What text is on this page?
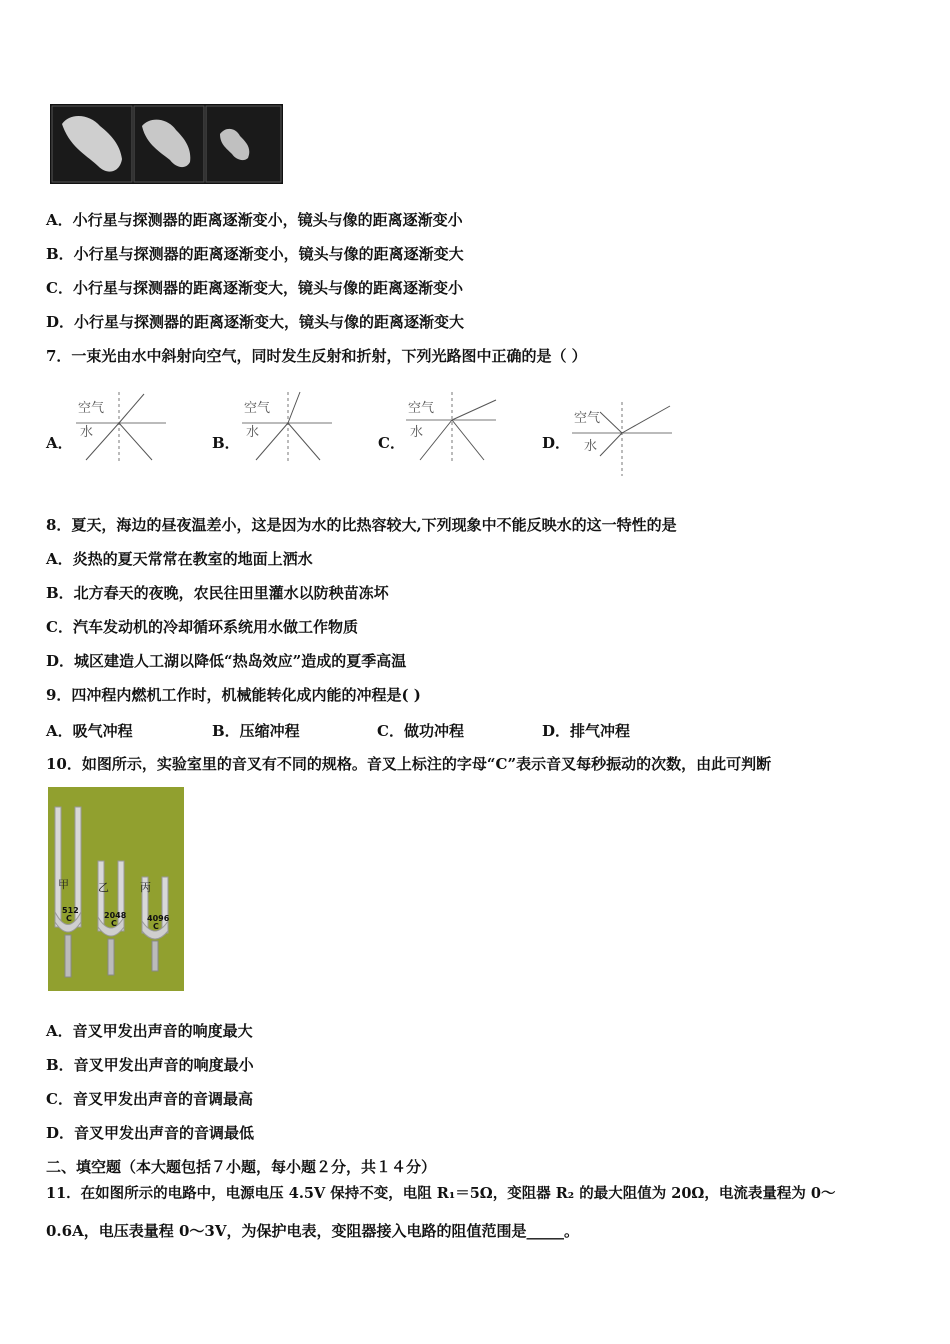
A．小行星与探测器的距离逐渐变小，镜头与像的距离逐渐变小
B．小行星与探测器的距离逐渐变小，镜头与像的距离逐渐变大
C．小行星与探测器的距离逐渐变大，镜头与像的距离逐渐变小
D．小行星与探测器的距离逐渐变大，镜头与像的距离逐渐变大
7．一束光由水中斜射向空气，同时发生反射和折射，下列光路图中正确的是（ ）
A．
空气
水
B．
空气
水
C．
空气
水
D．
空气
水
8．夏天，海边的昼夜温差小，这是因为水的比热容较大,下列现象中不能反映水的这一特性的是
A．炎热的夏天常常在教室的地面上洒水
B．北方春天的夜晚，农民往田里灌水以防秧苗冻坏
C．汽车发动机的冷却循环系统用水做工作物质
D．城区建造人工湖以降低“热岛效应”造成的夏季高温
9．四冲程内燃机工作时，机械能转化成内能的冲程是( )
A．吸气冲程	B．压缩冲程	C．做功冲程	D．排气冲程
10．如图所示，实验室里的音叉有不同的规格。音叉上标注的字母“C”表示音叉每秒振动的次数，由此可判断
甲
512
C
乙
2048
C
丙
4096
C
A．音叉甲发出声音的响度最大
B．音叉甲发出声音的响度最小
C．音叉甲发出声音的音调最高
D．音叉甲发出声音的音调最低
二、填空题（本大题包括７小题，每小题２分，共１４分）
11．在如图所示的电路中，电源电压 4.5V 保持不变，电阻 R₁＝5Ω，变阻器 R₂ 的最大阻值为 20Ω，电流表量程为 0～
0.6A，电压表量程 0～3V，为保护电表，变阻器接入电路的阻值范围是_____。
